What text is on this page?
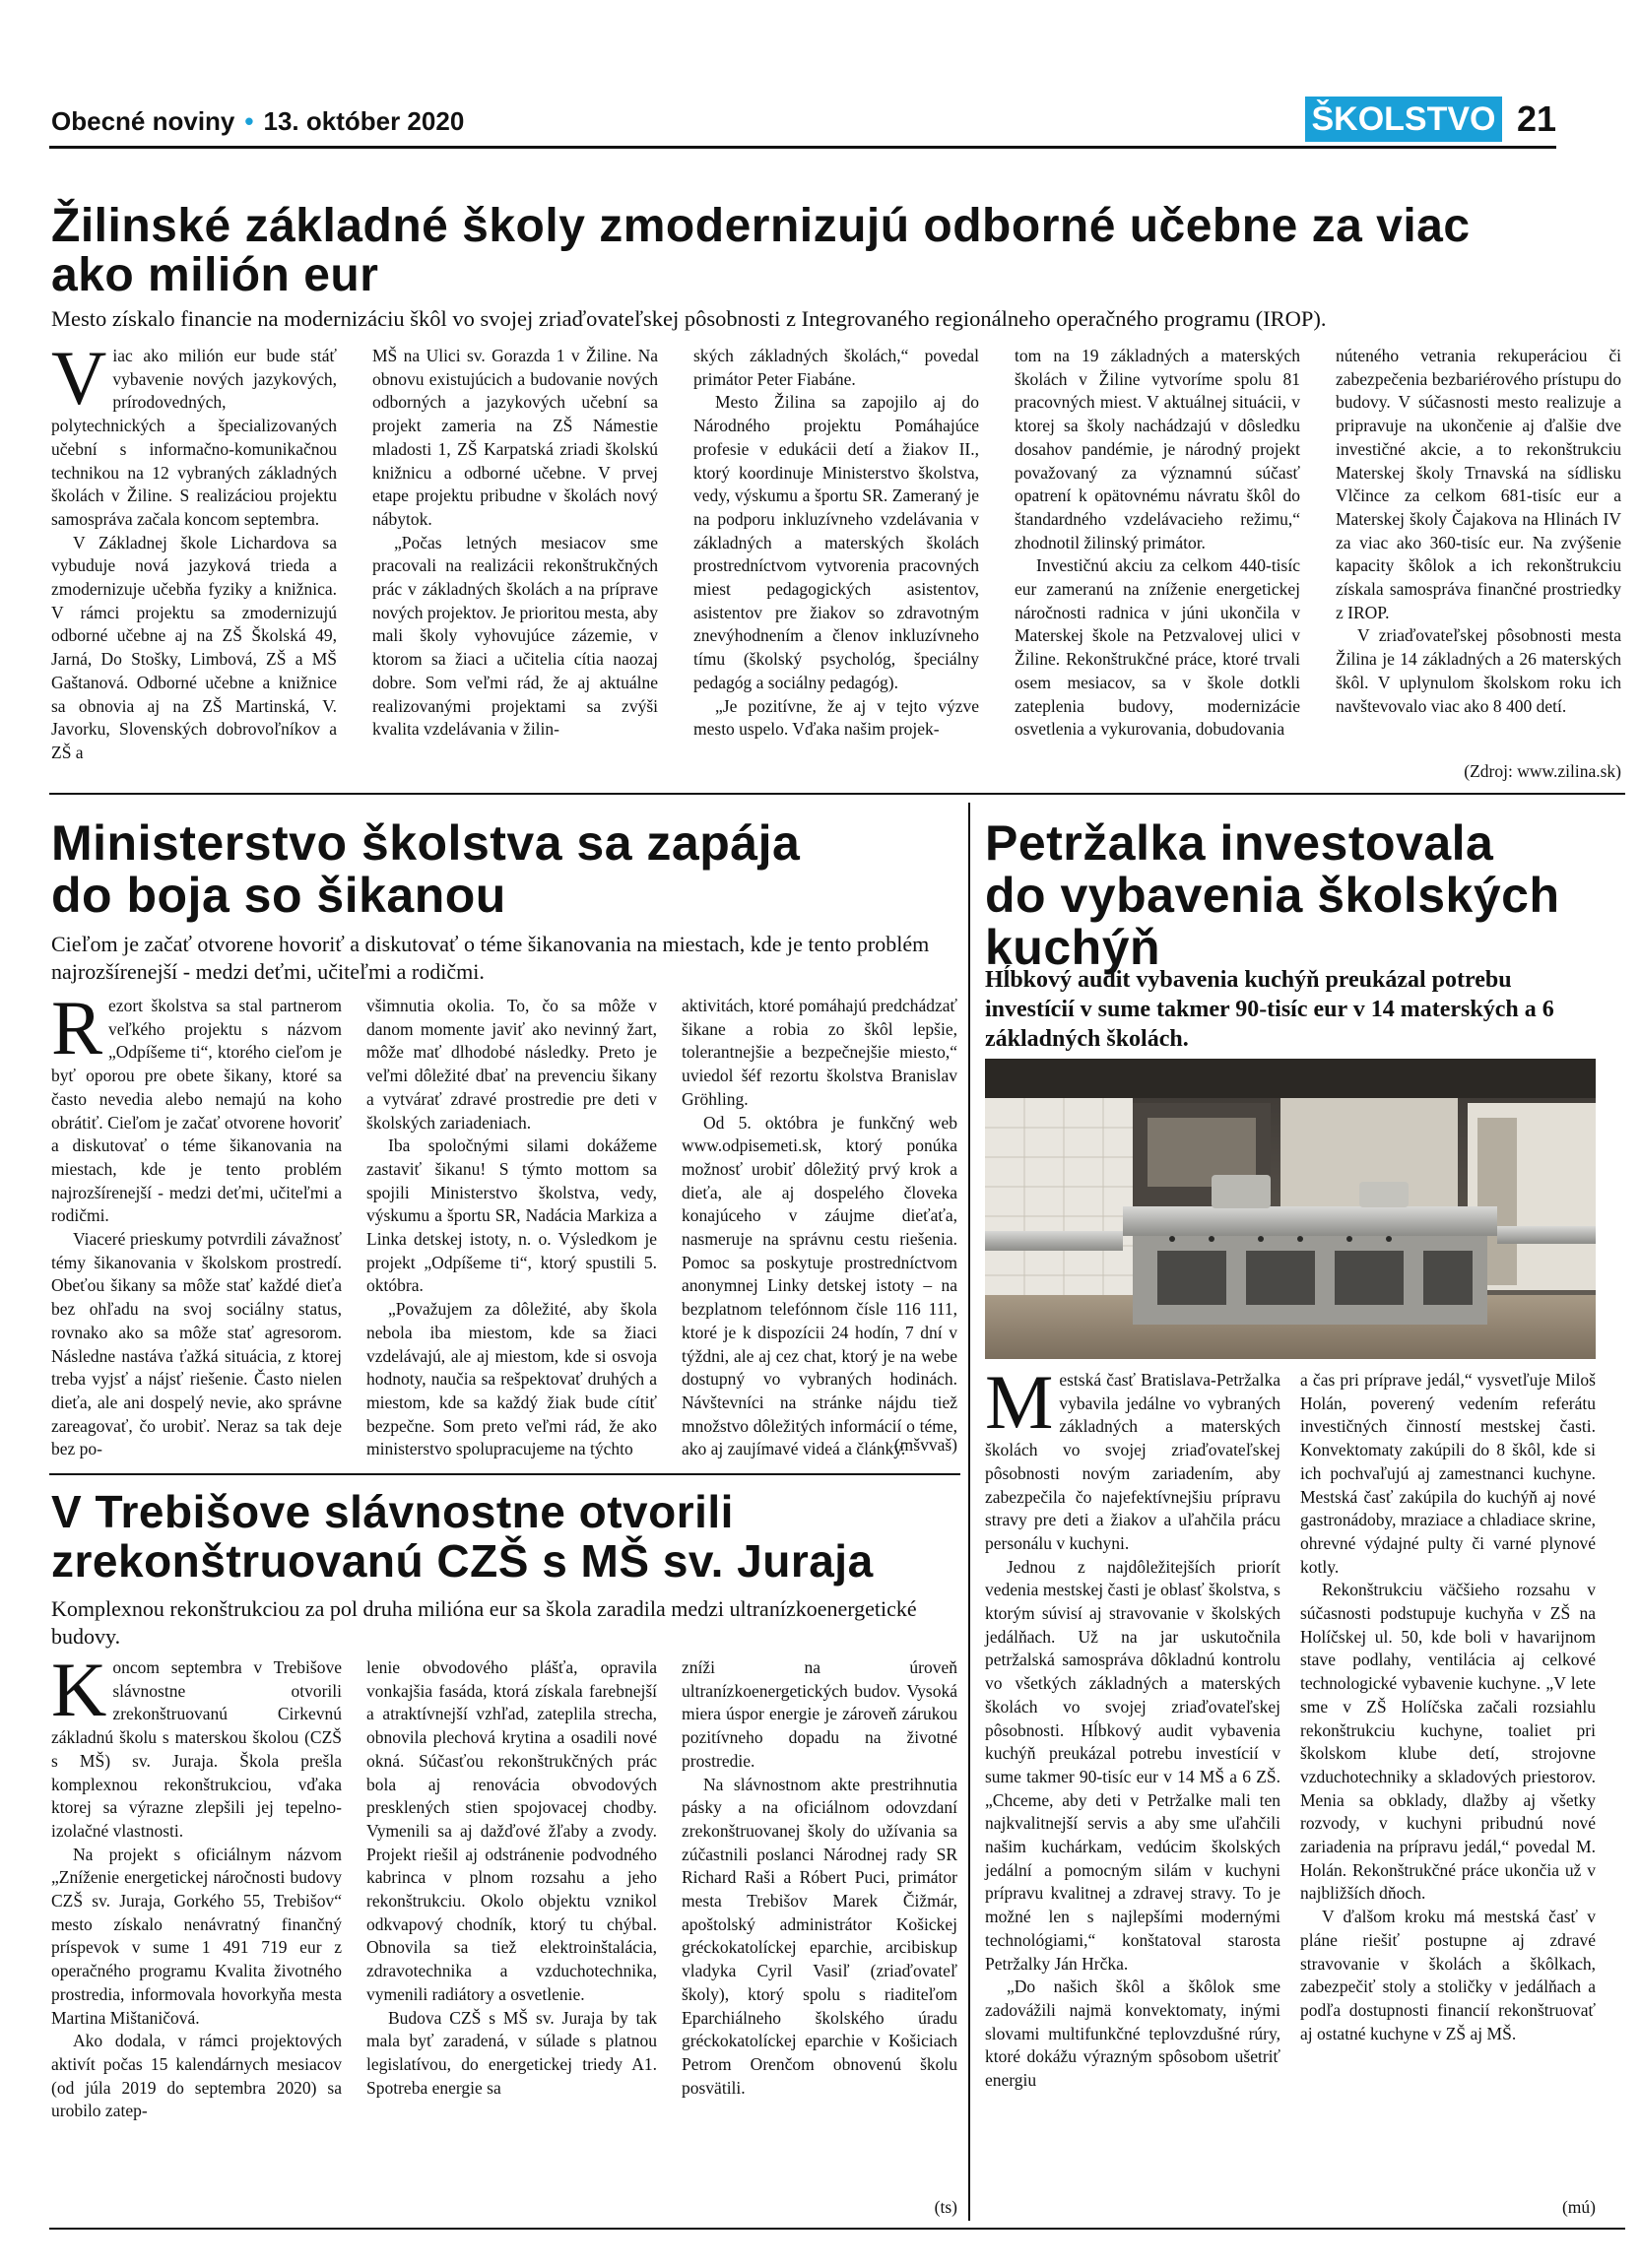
Obecné noviny • 13. október 2020	ŠKOLSTVO 21
Žilinské základné školy zmodernizujú odborné učebne za viac ako milión eur
Mesto získalo financie na modernizáciu škôl vo svojej zriaďovateľskej pôsobnosti z Integrovaného regionálneho operačného programu (IROP).
V iac ako milión eur bude stáť vybavenie nových jazykových, prírodovedných, polytechnických a špecializovaných učební s informačno-komunikačnou technikou na 12 vybraných základných školách v Žiline. S realizáciou projektu samospráva začala koncom septembra.

V Základnej škole Lichardova sa vybuduje nová jazyková trieda a zmodernizuje učebňa fyziky a knižnica. V rámci projektu sa zmodernizujú odborné učebne aj na ZŠ Školská 49, Jarná, Do Stošky, Limbová, ZŠ a MŠ Gaštanová. Odborné učebne a knižnice sa obnovia aj na ZŠ Martinská, V. Javorku, Slovenských dobrovoľníkov a ZŠ a

MŠ na Ulici sv. Gorazda 1 v Žiline. Na obnovu existujúcich a budovanie nových odborných a jazykových učební sa projekt zameria na ZŠ Námestie mladosti 1, ZŠ Karpatská zriadi školskú knižnicu a odborné učebne. V prvej etape projektu pribudne v školách nový nábytok.

„Počas letných mesiacov sme pracovali na realizácii rekonštrukčných prác v základných školách a na príprave nových projektov. Je prioritou mesta, aby mali školy vyhovujúce zázemie, v ktorom sa žiaci a učitelia cítia naozaj dobre. Som veľmi rád, že aj aktuálne realizovanými projektami sa zvýši kvalita vzdelávania v žilin-

ských základných školách,“ povedal primátor Peter Fiabáne.

Mesto Žilina sa zapojilo aj do Národného projektu Pomáhajúce profesie v edukácii detí a žiakov II., ktorý koordinuje Ministerstvo školstva, vedy, výskumu a športu SR. Zameraný je na podporu inkluzívneho vzdelávania v základných a materských školách prostredníctvom vytvorenia pracovných miest pedagogických asistentov, asistentov pre žiakov so zdravotným znevýhodnením a členov inkluzívneho tímu (školský psychológ, špeciálny pedagóg a sociálny pedagóg).

„Je pozitívne, že aj v tejto výzve mesto uspelo. Vďaka našim projek-

tom na 19 základných a materských školách v Žiline vytvoríme spolu 81 pracovných miest. V aktuálnej situácii, v ktorej sa školy nachádzajú v dôsledku dosahov pandémie, je národný projekt považovaný za významnú súčasť opatrení k opätovnému návratu škôl do štandardného vzdelávacieho režimu,“ zhodnotil žilinský primátor.

Investičnú akciu za celkom 440-tisíc eur zameranú na zníženie energetickej náročnosti radnica v júni ukončila v Materskej škole na Petzvalovej ulici v Žiline. Rekonštrukčné práce, ktoré trvali osem mesiacov, sa v škole dotkli zateplenia budovy, modernizácie osvetlenia a vykurovania, dobudovania

núteného vetrania rekuperáciou či zabezpečenia bezbariérového prístupu do budovy. V súčasnosti mesto realizuje a pripravuje na ukončenie aj ďalšie dve investičné akcie, a to rekonštrukciu Materskej školy Trnavská na sídlisku Vlčince za celkom 681-tisíc eur a Materskej školy Čajakova na Hlinách IV za viac ako 360-tisíc eur. Na zvýšenie kapacity škôlok a ich rekonštrukciu získala samospráva finančné prostriedky z IROP.

V zriaďovateľskej pôsobnosti mesta Žilina je 14 základných a 26 materských škôl. V uplynulom školskom roku ich navštevovalo viac ako 8 400 detí.

(Zdroj: www.zilina.sk)
Ministerstvo školstva sa zapája
do boja so šikanou
Cieľom je začať otvorene hovoriť a diskutovať o téme šikanovania na miestach, kde je tento problém najrozšírenejší - medzi deťmi, učiteľmi a rodičmi.
R ezort školstva sa stal partnerom veľkého projektu s názvom „Odpíšeme ti“, ktorého cieľom je byť oporou pre obete šikany, ktoré sa často nevedia alebo nemajú na koho obrátiť. Cieľom je začať otvorene hovoriť a diskutovať o téme šikanovania na miestach, kde je tento problém najrozšírenejší - medzi deťmi, učiteľmi a rodičmi.

Viaceré prieskumy potvrdili závažnosť témy šikanovania v školskom prostredí. Obeťou šikany sa môže stať každé dieťa bez ohľadu na svoj sociálny status, rovnako ako sa môže stať agresorom. Následne nastáva ťažká situácia, z ktorej treba vyjsť a nájsť riešenie. Často nielen dieťa, ale ani dospelý nevie, ako správne zareagovať, čo urobiť. Neraz sa tak deje bez po-

všimnutia okolia. To, čo sa môže v danom momente javiť ako nevinný žart, môže mať dlhodobé následky. Preto je veľmi dôležité dbať na prevenciu šikany a vytvárať zdravé prostredie pre deti v školských zariadeniach.

Iba spoločnými silami dokážeme zastaviť šikanu! S týmto mottom sa spojili Ministerstvo školstva, vedy, výskumu a športu SR, Nadácia Markiza a Linka detskej istoty, n. o. Výsledkom je projekt „Odpíšeme ti“, ktorý spustili 5. októbra.

„Považujem za dôležité, aby škola nebola iba miestom, kde sa žiaci vzdelávajú, ale aj miestom, kde si osvoja hodnoty, naučia sa rešpektovať druhých a miestom, kde sa každý žiak bude cítiť bezpečne. Som preto veľmi rád, že ako ministerstvo spolupracujeme na týchto

aktivitách, ktoré pomáhajú predchádzať šikane a robia zo škôl lepšie, tolerantnejšie a bezpečnejšie miesto,“ uviedol šéf rezortu školstva Branislav Gröhling.

Od 5. októbra je funkčný web www.odpisemeti.sk, ktorý ponúka možnosť urobiť dôležitý prvý krok a dieťa, ale aj dospelého človeka konajúceho v záujme dieťaťa, nasmeruje na správnu cestu riešenia. Pomoc sa poskytuje prostredníctvom anonymnej Linky detskej istoty – na bezplatnom telefónnom čísle 116 111, ktoré je k dispozícii 24 hodín, 7 dní v týždni, ale aj cez chat, ktorý je na webe dostupný vo vybraných hodinách. Návštevníci na stránke nájdu tiež množstvo dôležitých informácií o téme, ako aj zaujímavé videá a články.

(mšvvaš)
Petržalka investovala
do vybavenia školských
kuchýň
Hĺbkový audit vybavenia kuchýň preukázal potrebu investícií v sume takmer 90-tisíc eur v 14 materských a 6 základných školách.
M estská časť Bratislava-Petržalka vybavila jedálne vo vybraných základných a materských školách vo svojej zriaďovateľskej pôsobnosti novým zariadením, aby zabezpečila čo najefektívnejšiu prípravu stravy pre deti a žiakov a uľahčila prácu personálu v kuchyni.

Jednou z najdôležitejších priorít vedenia mestskej časti je oblasť školstva, s ktorým súvisí aj stravovanie v školských jedálňach. Už na jar uskutočnila petržalská samospráva dôkladnú kontrolu vo všetkých základných a materských školách vo svojej zriaďovateľskej pôsobnosti. Hĺbkový audit vybavenia kuchýň preukázal potrebu investícií v sume takmer 90-tisíc eur v 14 MŠ a 6 ZŠ. „Chceme, aby deti v Petržalke mali ten najkvalitnejší servis a aby sme uľahčili našim kuchárkam, vedúcim školských jedální a pomocným silám v kuchyni prípravu kvalitnej a zdravej stravy. To je možné len s najlepšími modernými technológiami,“ konštatoval starosta Petržalky Ján Hrčka.

„Do našich škôl a škôlok sme zadovážili najmä konvektomaty, inými slovami multifunkčné teplovzdušné rúry, ktoré dokážu výrazným spôsobom ušetriť energiu

a čas pri príprave jedál,“ vysvetľuje Miloš Holán, poverený vedením referátu investičných činností mestskej časti. Konvektomaty zakúpili do 8 škôl, kde si ich pochvaľujú aj zamestnanci kuchyne. Mestská časť zakúpila do kuchýň aj nové gastronádoby, mraziace a chladiace skrine, ohrevné výdajné pulty či varné plynové kotly.

Rekonštrukciu väčšieho rozsahu v súčasnosti podstupuje kuchyňa v ZŠ na Holíčskej ul. 50, kde boli v havarijnom stave podlahy, ventilácia aj celkové technologické vybavenie kuchyne. „V lete sme v ZŠ Holíčska začali rozsiahlu rekonštrukciu kuchyne, toaliet pri školskom klube detí, strojovne vzduchotechniky a skladových priestorov. Menia sa obklady, dlažby aj všetky rozvody, v kuchyni pribudnú nové zariadenia na prípravu jedál,“ povedal M. Holán. Rekonštrukčné práce ukončia už v najbližších dňoch.

V ďalšom kroku má mestská časť v pláne riešiť postupne aj zdravé stravovanie v školách a škôlkach, zabezpečiť stoly a stoličky v jedálňach a podľa dostupnosti financií rekonštruovať aj ostatné kuchyne v ZŠ aj MŠ.

(mú)
V Trebišove slávnostne otvorili
zrekonštruovanú CZŠ s MŠ sv. Juraja
Komplexnou rekonštrukciou za pol druha milióna eur sa škola zaradila medzi ultranízkoenergetické budovy.
K oncom septembra v Trebišove slávnostne otvorili zrekonštruovanú Cirkevnú základnú školu s materskou školou (CZŠ s MŠ) sv. Juraja. Škola prešla komplexnou rekonštrukciou, vďaka ktorej sa výrazne zlepšili jej tepelno-izolačné vlastnosti.

Na projekt s oficiálnym názvom „Zníženie energetickej náročnosti budovy CZŠ sv. Juraja, Gorkého 55, Trebišov“ mesto získalo nenávratný finančný príspevok v sume 1 491 719 eur z operačného programu Kvalita životného prostredia, informovala hovorkyňa mesta Martina Mištaničová.

Ako dodala, v rámci projektových aktivít počas 15 kalendárnych mesiacov (od júla 2019 do septembra 2020) sa urobilo zatep-

lenie obvodového plášťa, opravila vonkajšia fasáda, ktorá získala farebnejší a atraktívnejší vzhľad, zateplila strecha, obnovila plechová krytina a osadili nové okná. Súčasťou rekonštrukčných prác bola aj renovácia obvodových presklených stien spojovacej chodby. Vymenili sa aj dažďové žľaby a zvody. Projekt riešil aj odstránenie podvodného kabrinca v plnom rozsahu a jeho rekonštrukciu. Okolo objektu vznikol odkvapový chodník, ktorý tu chýbal. Obnovila sa tiež elektroinštalácia, zdravotechnika a vzduchotechnika, vymenili radiátory a osvetlenie.

Budova CZŠ s MŠ sv. Juraja by tak mala byť zaradená, v súlade s platnou legislatívou, do energetickej triedy A1. Spotreba energie sa

zníži na úroveň ultranízkoenergetických budov. Vysoká miera úspor energie je zároveň zárukou pozitívneho dopadu na životné prostredie.

Na slávnostnom akte prestrihnutia pásky a na oficiálnom odovzdaní zrekonštruovanej školy do užívania sa zúčastnili poslanci Národnej rady SR Richard Raši a Róbert Puci, primátor mesta Trebišov Marek Čižmár, apoštolský administrátor Košickej gréckokatolíckej eparchie, arcibiskup vladyka Cyril Vasiľ (zriaďovateľ školy), ktorý spolu s riaditeľom Eparchiálneho školského úradu gréckokatolíckej eparchie v Košiciach Petrom Orenčom obnovenú školu posvätili.

(ts)
